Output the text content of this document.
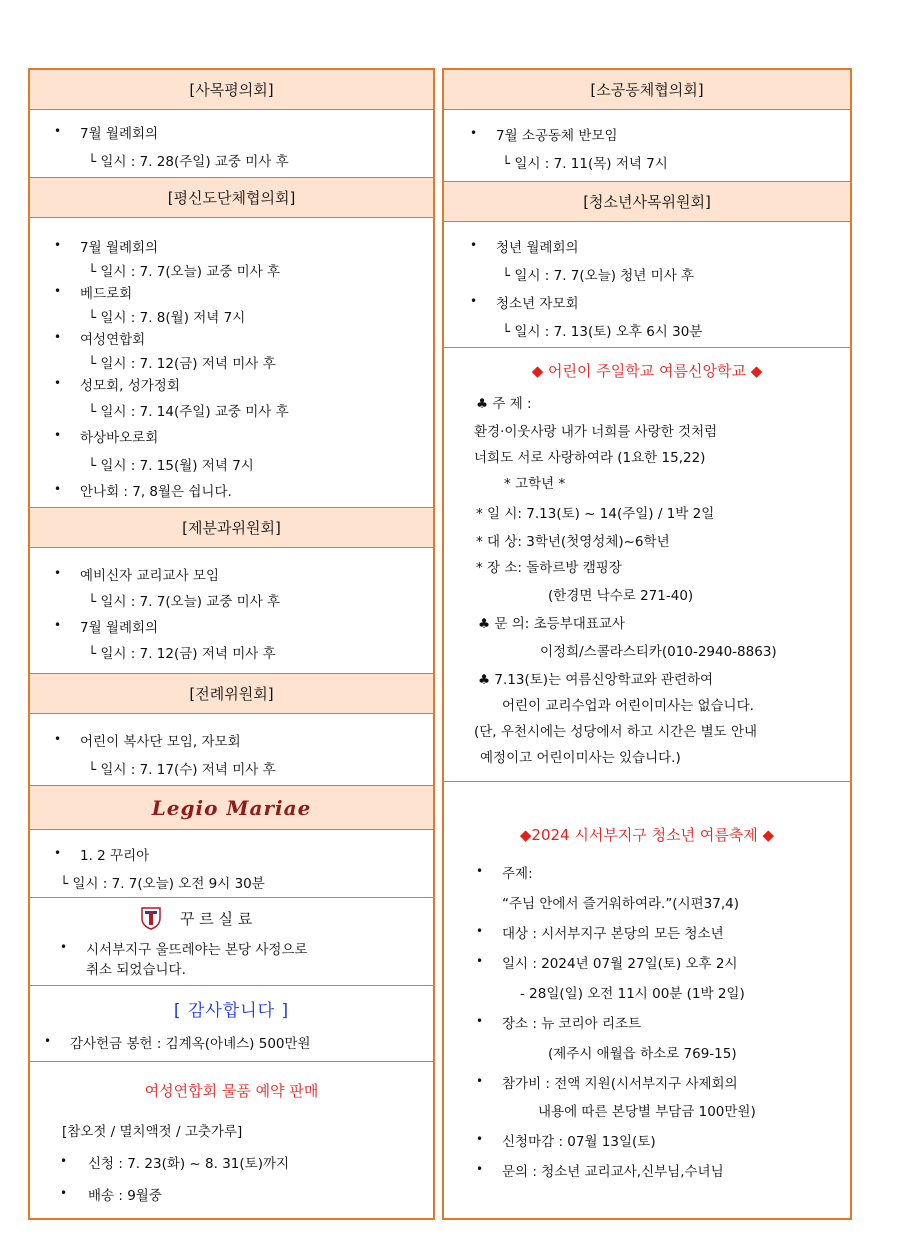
[사목평의회]
• 7월 월례회의
└ 일시 : 7. 28(주일) 교중 미사 후
[평신도단체협의회]
• 7월 월례회의
└ 일시 : 7. 7(오늘) 교중 미사 후
• 베드로회
└ 일시 : 7. 8(월) 저녁 7시
• 여성연합회
└ 일시 : 7. 12(금) 저녁 미사 후
• 성모회, 성가정회
└ 일시 : 7. 14(주일) 교중 미사 후
• 하상바오로회
└ 일시 : 7. 15(월) 저녁 7시
• 안나회 : 7, 8월은 쉽니다.
[제분과위원회]
• 예비신자 교리교사 모임
└ 일시 : 7. 7(오늘) 교중 미사 후
• 7월 월례회의
└ 일시 : 7. 12(금) 저녁 미사 후
[전례위원회]
• 어린이 복사단 모임, 자모회
└ 일시 : 7. 17(수) 저녁 미사 후
Legio Mariae
• 1. 2 꾸리아
└ 일시 : 7. 7(오늘) 오전 9시 30분
꾸 르 실 료
• 시서부지구 울뜨레야는 본당 사정으로
취소 되었습니다.
[ 감사합니다 ]
• 감사헌금 봉헌 : 김계옥(아녜스) 500만원
여성연합회 물품 예약 판매
[참오젓 / 멸치액젓 / 고춧가루]
• 신청 : 7. 23(화) ~ 8. 31(토)까지
• 배송 : 9월중
[소공동체협의회]
• 7월 소공동체 반모임
└ 일시 : 7. 11(목) 저녁 7시
[청소년사목위원회]
• 청년 월례회의
└ 일시 : 7. 7(오늘) 청년 미사 후
• 청소년 자모회
└ 일시 : 7. 13(토) 오후 6시 30분
◆ 어린이 주일학교 여름신앙학교 ◆
♣ 주 제 :
환경·이웃사랑 내가 너희를 사랑한 것처럼
너희도 서로 사랑하여라 (1요한 15,22)
* 고학년 *
* 일 시: 7.13(토) ~ 14(주일) / 1박 2일
* 대 상: 3학년(첫영성체)~6학년
* 장 소: 돌하르방 캠핑장
(한경면 낙수로 271-40)
♣ 문 의: 초등부대표교사
이정희/스콜라스티카(010-2940-8863)
♣ 7.13(토)는 여름신앙학교와 관련하여
어린이 교리수업과 어린이미사는 없습니다.
(단, 우천시에는 성당에서 하고 시간은 별도 안내
예정이고 어린이미사는 있습니다.)
◆2024 시서부지구 청소년 여름축제 ◆
• 주제:
“주님 안에서 즐거워하여라.”(시편37,4)
• 대상 : 시서부지구 본당의 모든 청소년
• 일시 : 2024년 07월 27일(토) 오후 2시
- 28일(일) 오전 11시 00분 (1박 2일)
• 장소 : 뉴 코리아 리조트
(제주시 애월읍 하소로 769-15)
• 참가비 : 전액 지원(시서부지구 사제회의
내용에 따른 본당별 부담금 100만원)
• 신청마감 : 07월 13일(토)
• 문의 : 청소년 교리교사,신부님,수녀님
